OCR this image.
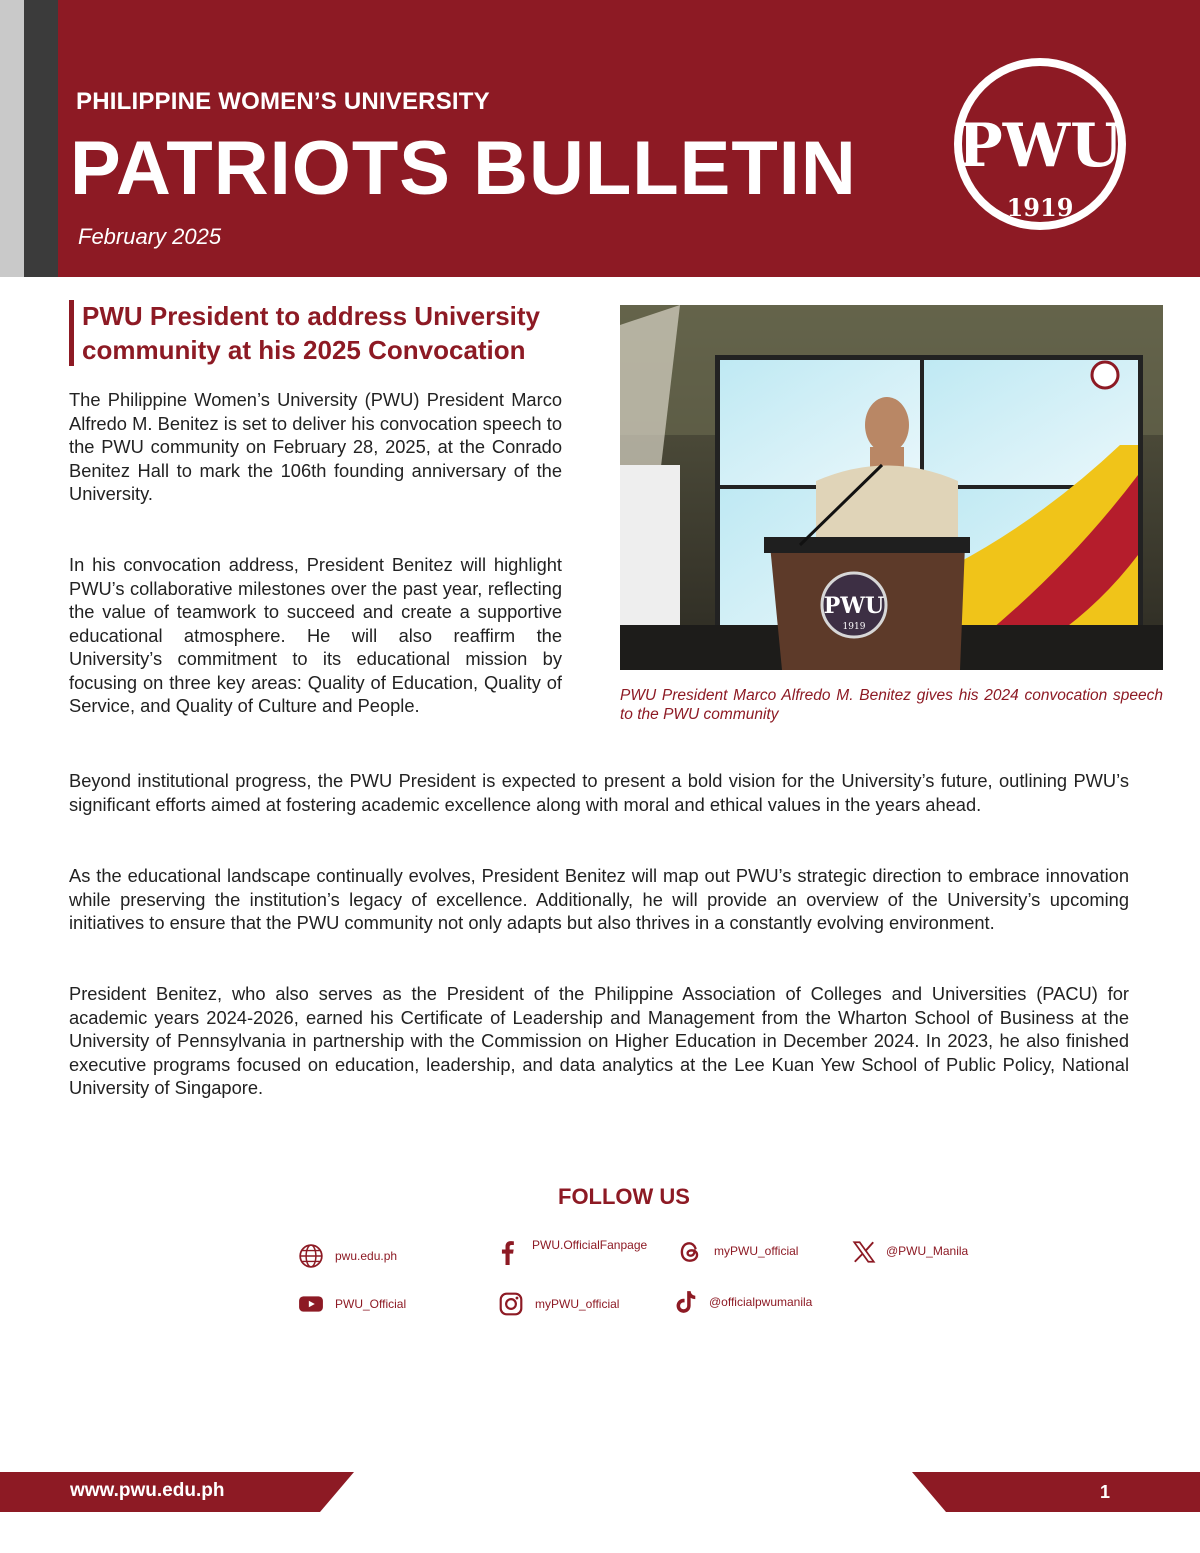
PHILIPPINE WOMEN’S UNIVERSITY
PATRIOTS BULLETIN
February 2025
PWU
1919
PWU President to address University
community at his 2025 Convocation

The Philippine Women’s University (PWU) President Marco Alfredo M. Benitez is set to deliver his convocation speech to the PWU community on February 28, 2025, at the Conrado Benitez Hall to mark the 106th founding anniversary of the University.

In his convocation address, President Benitez will highlight PWU’s collaborative milestones over the past year, reflecting the value of teamwork to succeed and create a supportive educational atmosphere. He will also reaffirm the University’s commitment to its educational mission by focusing on three key areas: Quality of Education, Quality of Service, and Quality of Culture and People.

PWU
1919
PWU President Marco Alfredo M. Benitez gives his 2024 convocation speech to the PWU community

Beyond institutional progress, the PWU President is expected to present a bold vision for the University’s future, outlining PWU’s significant efforts aimed at fostering academic excellence along with moral and ethical values in the years ahead.

As the educational landscape continually evolves, President Benitez will map out PWU’s strategic direction to embrace innovation while preserving the institution’s legacy of excellence. Additionally, he will provide an overview of the University’s upcoming initiatives to ensure that the PWU community not only adapts but also thrives in a constantly evolving environment.

President Benitez, who also serves as the President of the Philippine Association of Colleges and Universities (PACU) for academic years 2024-2026, earned his Certificate of Leadership and Management from the Wharton School of Business at the University of Pennsylvania in partnership with the Commission on Higher Education in December 2024. In 2023, he also finished executive programs focused on education, leadership, and data analytics at the Lee Kuan Yew School of Public Policy, National University of Singapore.

FOLLOW US
pwu.edu.ph
PWU.OfficialFanpage	myPWU_official	@PWU_Manila
PWU_Official	myPWU_official	@officialpwumanila
www.pwu.edu.ph	1
